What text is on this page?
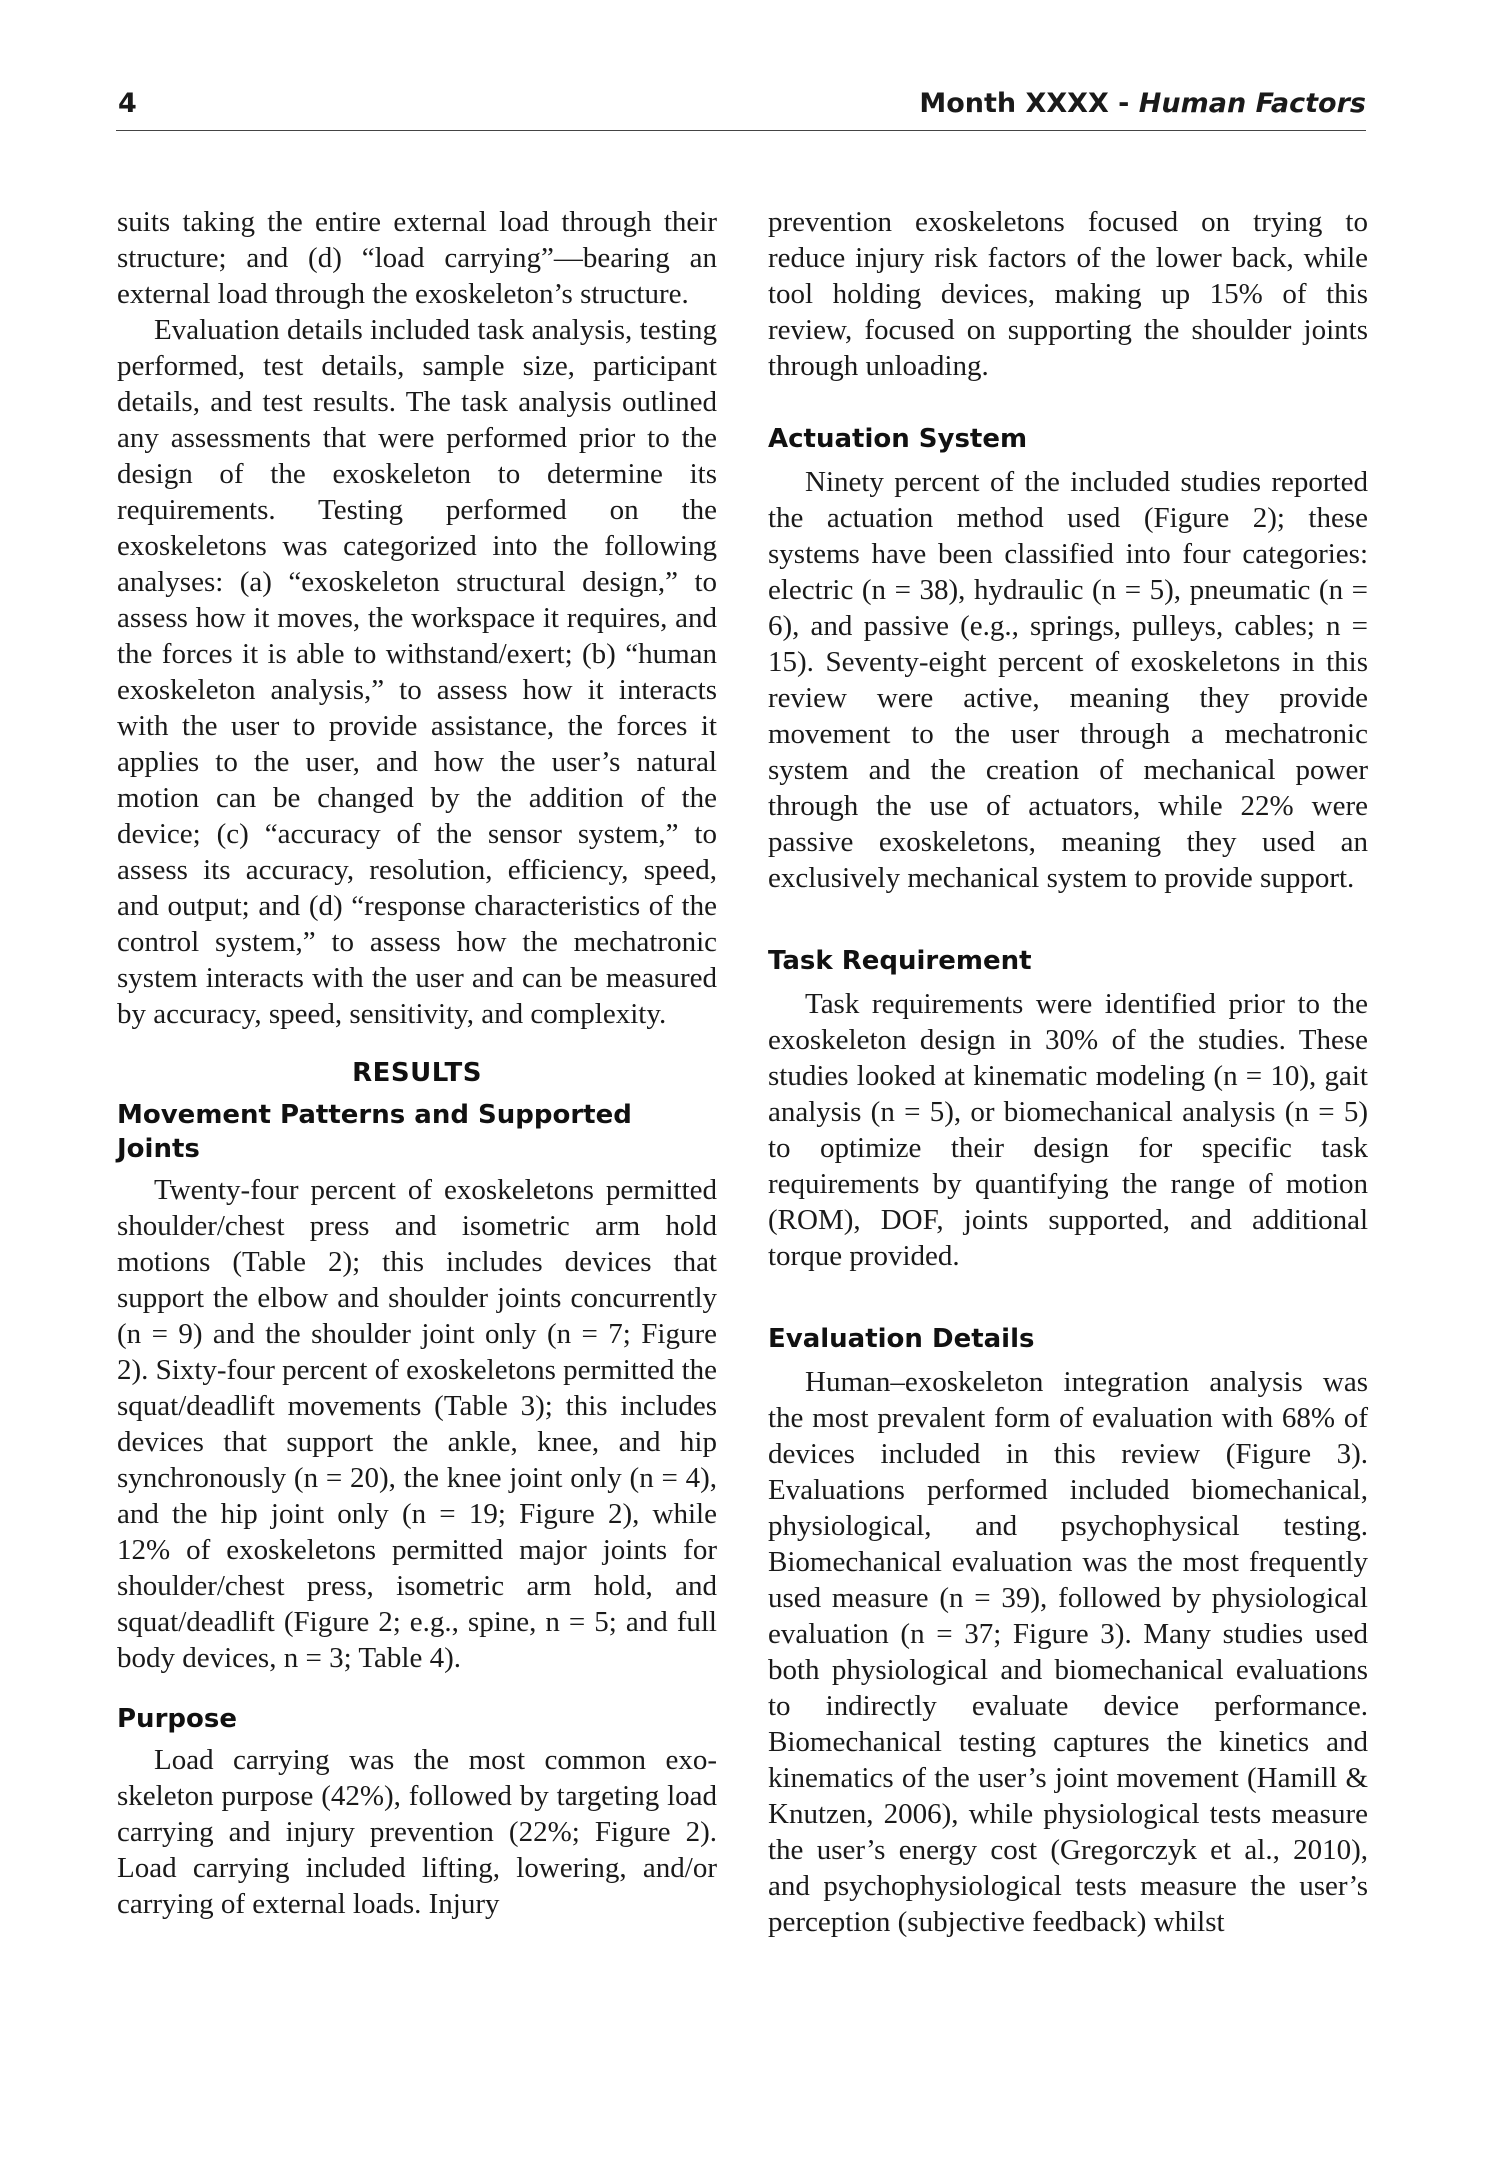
4	Month XXXX - Human Factors

suits taking the entire external load through their structure; and (d) “load carrying”—bearing an external load through the exoskeleton’s structure.

Evaluation details included task analysis, testing performed, test details, sample size, participant details, and test results. The task analysis outlined any assessments that were performed prior to the design of the exoskeleton to determine its requirements. Testing performed on the exoskeletons was categorized into the following analyses: (a) “exoskeleton structural design,” to assess how it moves, the workspace it requires, and the forces it is able to withstand/exert; (b) “human exoskeleton analysis,” to assess how it interacts with the user to provide assistance, the forces it applies to the user, and how the user’s natural motion can be changed by the addition of the device; (c) “accuracy of the sensor system,” to assess its accuracy, resolution, efficiency, speed, and output; and (d) “response characteristics of the control system,” to assess how the mechatronic system interacts with the user and can be measured by accuracy, speed, sensitivity, and complexity.

RESULTS
Movement Patterns and Supported Joints

Twenty-four percent of exoskeletons permitted shoulder/chest press and isometric arm hold motions (Table 2); this includes devices that support the elbow and shoulder joints concurrently (n = 9) and the shoulder joint only (n = 7; Figure 2). Sixty-four percent of exoskeletons permitted the squat/deadlift movements (Table 3); this includes devices that support the ankle, knee, and hip synchronously (n = 20), the knee joint only (n = 4), and the hip joint only (n = 19; Figure 2), while 12% of exoskeletons permitted major joints for shoulder/chest press, isometric arm hold, and squat/deadlift (Figure 2; e.g., spine, n = 5; and full body devices, n = 3; Table 4).

Purpose

Load carrying was the most common exoskeleton purpose (42%), followed by targeting load carrying and injury prevention (22%; Figure 2). Load carrying included lifting, lowering, and/or carrying of external loads. Injury

prevention exoskeletons focused on trying to reduce injury risk factors of the lower back, while tool holding devices, making up 15% of this review, focused on supporting the shoulder joints through unloading.

Actuation System

Ninety percent of the included studies reported the actuation method used (Figure 2); these systems have been classified into four categories: electric (n = 38), hydraulic (n = 5), pneumatic (n = 6), and passive (e.g., springs, pulleys, cables; n = 15). Seventy-eight percent of exoskeletons in this review were active, meaning they provide movement to the user through a mechatronic system and the creation of mechanical power through the use of actuators, while 22% were passive exoskeletons, meaning they used an exclusively mechanical system to provide support.

Task Requirement

Task requirements were identified prior to the exoskeleton design in 30% of the studies. These studies looked at kinematic modeling (n = 10), gait analysis (n = 5), or biomechanical analysis (n = 5) to optimize their design for specific task requirements by quantifying the range of motion (ROM), DOF, joints supported, and additional torque provided.

Evaluation Details

Human–exoskeleton integration analysis was the most prevalent form of evaluation with 68% of devices included in this review (Figure 3). Evaluations performed included biomechanical, physiological, and psychophysical testing. Biomechanical evaluation was the most frequently used measure (n = 39), followed by physiological evaluation (n = 37; Figure 3). Many studies used both physiological and biomechanical evaluations to indirectly evaluate device performance. Biomechanical testing captures the kinetics and kinematics of the user’s joint movement (Hamill & Knutzen, 2006), while physiological tests measure the user’s energy cost (Gregorczyk et al., 2010), and psychophysiological tests measure the user’s perception (subjective feedback) whilst
